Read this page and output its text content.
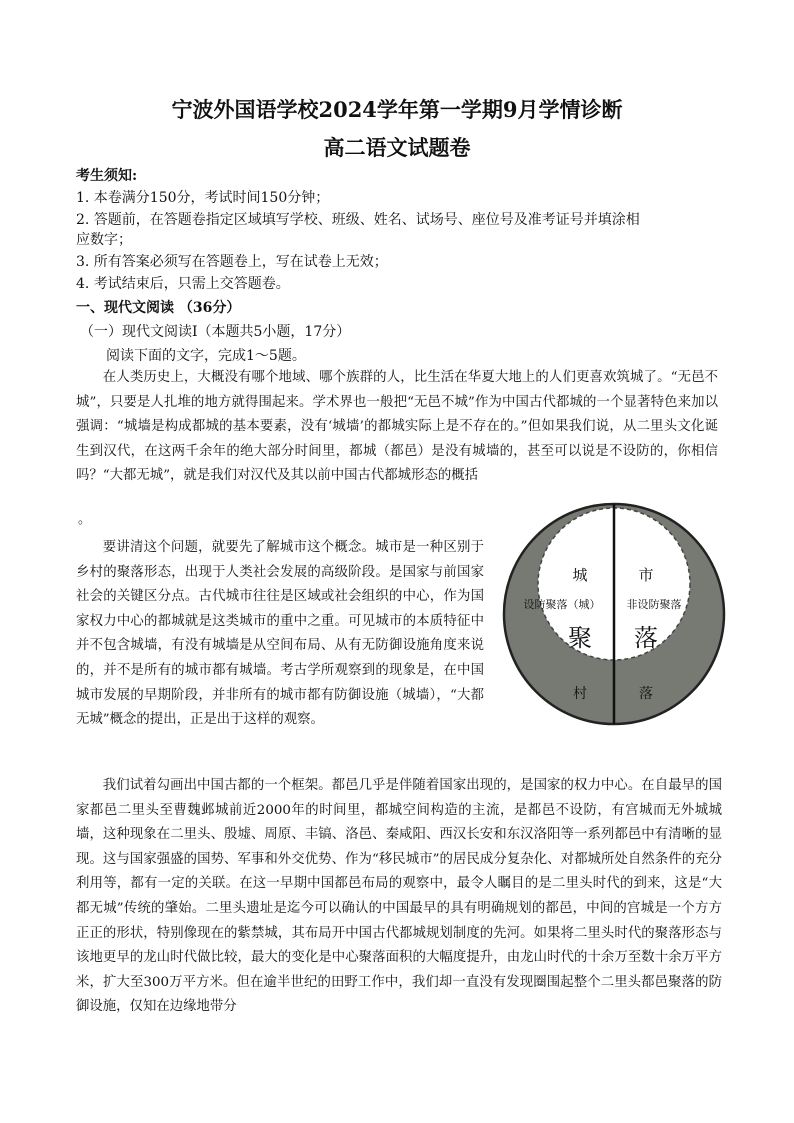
宁波外国语学校2024学年第一学期9月学情诊断
高二语文试题卷
考生须知:
1. 本卷满分150分，考试时间150分钟；
2. 答题前，在答题卷指定区域填写学校、班级、姓名、试场号、座位号及准考证号并填涂相
应数字；
3. 所有答案必须写在答题卷上，写在试卷上无效；
4. 考试结束后，只需上交答题卷。
一、现代文阅读 （36分）
（一）现代文阅读Ⅰ（本题共5小题，17分）
阅读下面的文字，完成1～5题。
在人类历史上，大概没有哪个地域、哪个族群的人，比生活在华夏大地上的人们更喜欢筑城了。“无邑不城”，只要是人扎堆的地方就得围起来。学术界也一般把“无邑不城”作为中国古代都城的一个显著特色来加以强调：“城墙是构成都城的基本要素，没有‘城墙’的都城实际上是不存在的。”但如果我们说，从二里头文化诞生到汉代，在这两千余年的绝大部分时间里，都城（都邑）是没有城墙的，甚至可以说是不设防的，你相信吗？“大都无城”，就是我们对汉代及其以前中国古代都城形态的概括
。
要讲清这个问题，就要先了解城市这个概念。城市是一种区别于乡村的聚落形态，出现于人类社会发展的高级阶段。是国家与前国家社会的关键区分点。古代城市往往是区域或社会组织的中心，作为国家权力中心的都城就是这类城市的重中之重。可见城市的本质特征中并不包含城墙，有没有城墙是从空间布局、从有无防御设施角度来说的，并不是所有的城市都有城墙。考古学所观察到的现象是，在中国城市发展的早期阶段，并非所有的城市都有防御设施（城墙），“大都无城”概念的提出，正是出于这样的观察。
城	市
设防聚落（城） 非设防聚落
聚 落
村	落
我们试着勾画出中国古都的一个框架。都邑几乎是伴随着国家出现的，是国家的权力中心。在自最早的国家都邑二里头至曹魏邺城前近2000年的时间里，都城空间构造的主流，是都邑不设防，有宫城而无外城城墙，这种现象在二里头、殷墟、周原、丰镐、洛邑、秦咸阳、西汉长安和东汉洛阳等一系列都邑中有清晰的显现。这与国家强盛的国势、军事和外交优势、作为“移民城市”的居民成分复杂化、对都城所处自然条件的充分利用等，都有一定的关联。在这一早期中国都邑布局的观察中，最令人瞩目的是二里头时代的到来，这是“大都无城”传统的肇始。二里头遗址是迄今可以确认的中国最早的具有明确规划的都邑，中间的宫城是一个方方正正的形状，特别像现在的紫禁城，其布局开中国古代都城规划制度的先河。如果将二里头时代的聚落形态与该地更早的龙山时代做比较，最大的变化是中心聚落面积的大幅度提升，由龙山时代的十余万至数十余万平方米，扩大至300万平方米。但在逾半世纪的田野工作中，我们却一直没有发现圈围起整个二里头都邑聚落的防御设施，仅知在边缘地带分
